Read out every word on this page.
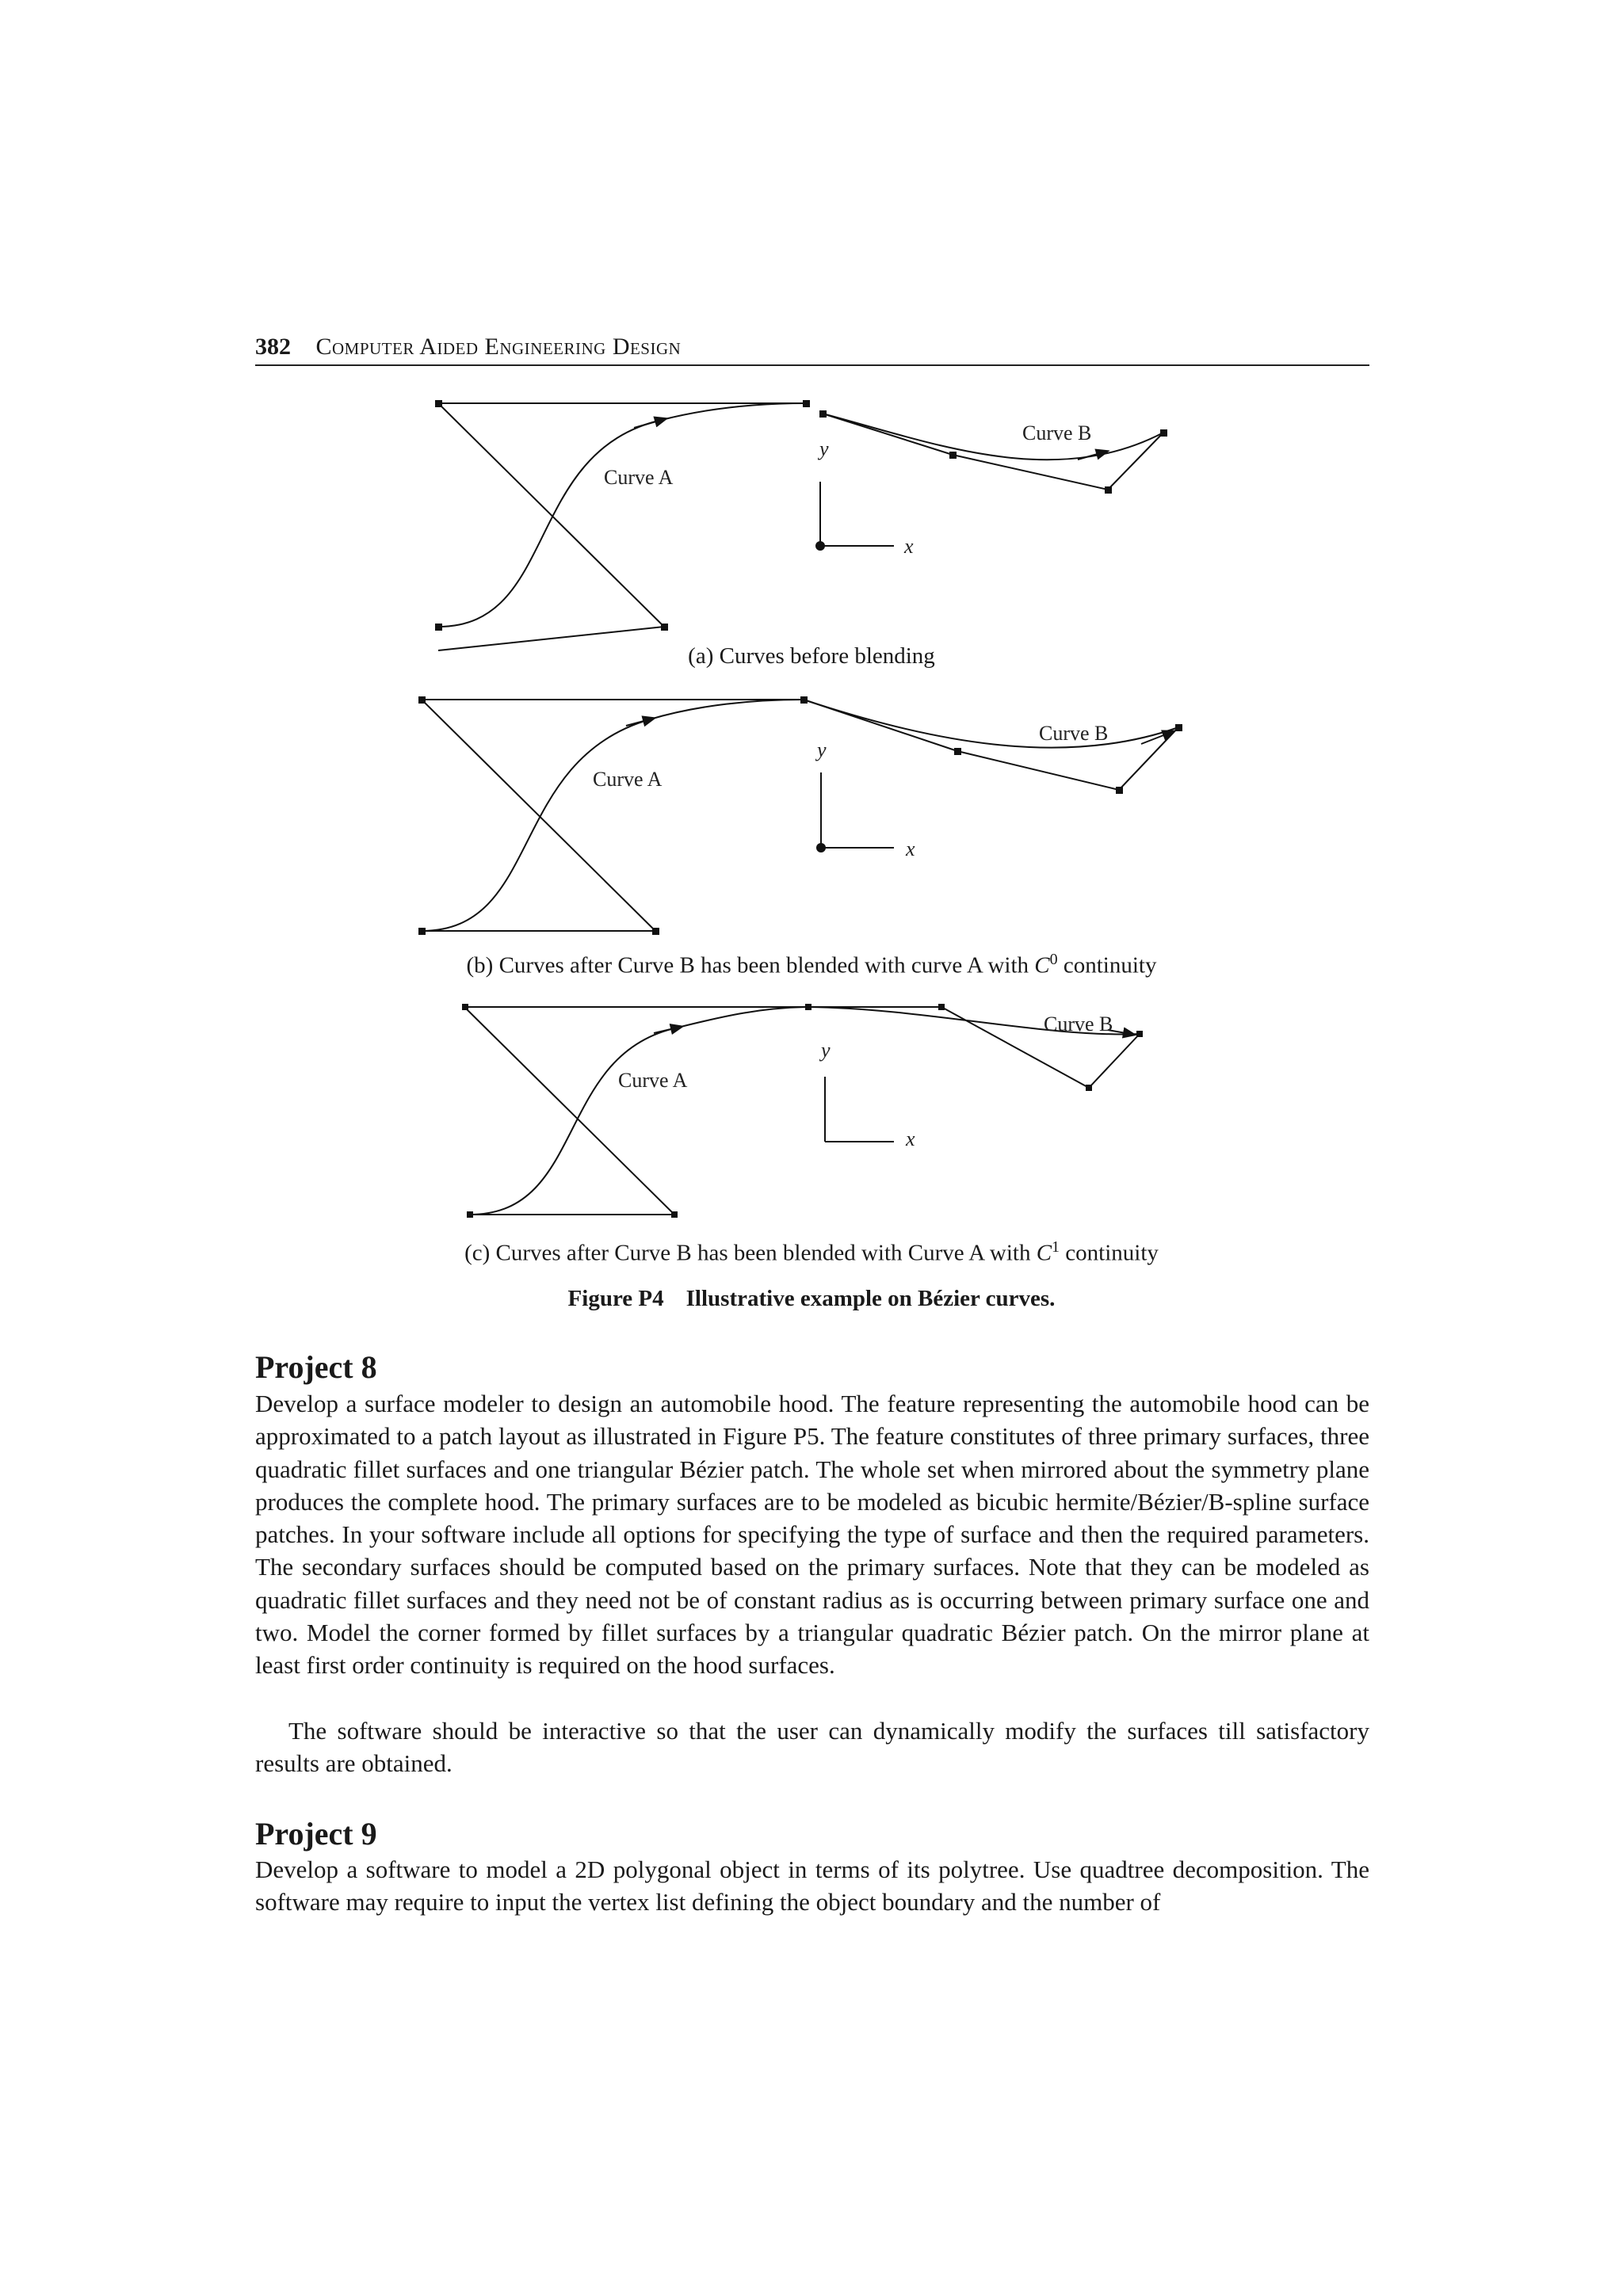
382 Computer Aided Engineering Design
Curve A
Curve B
y
x
Curve A
Curve B
y
x
Curve A
Curve B
y
x
(a) Curves before blending
(b) Curves after Curve B has been blended with curve A with $C^0$ continuity
(c) Curves after Curve B has been blended with Curve A with $C^1$ continuity
Figure P4 Illustrative example on Bézier curves.
Project 8

Develop a surface modeler to design an automobile hood. The feature representing the automobile hood can be approximated to a patch layout as illustrated in Figure P5. The feature constitutes of three primary surfaces, three quadratic fillet surfaces and one triangular Bézier patch. The whole set when mirrored about the symmetry plane produces the complete hood. The primary surfaces are to be modeled as bicubic hermite/Bézier/B-spline surface patches. In your software include all options for specifying the type of surface and then the required parameters. The secondary surfaces should be computed based on the primary surfaces. Note that they can be modeled as quadratic fillet surfaces and they need not be of constant radius as is occurring between primary surface one and two. Model the corner formed by fillet surfaces by a triangular quadratic Bézier patch. On the mirror plane at least first order continuity is required on the hood surfaces.

The software should be interactive so that the user can dynamically modify the surfaces till satisfactory results are obtained.

Project 9

Develop a software to model a 2D polygonal object in terms of its polytree. Use quadtree decomposition. The software may require to input the vertex list defining the object boundary and the number of
